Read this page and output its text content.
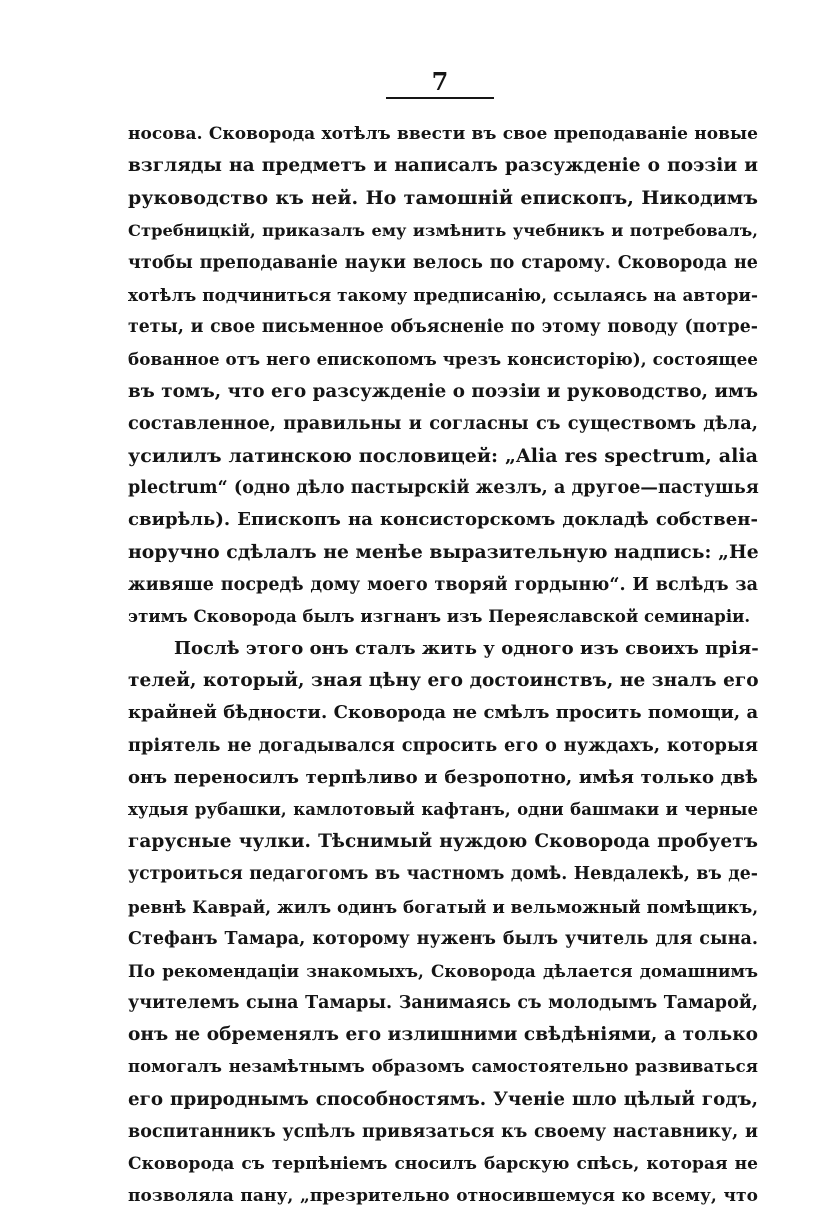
7
носова. Сковорода хотѣлъ ввести въ свое преподаванiе новые
взгляды на предметъ и написалъ разсужденiе о поэзiи и
руководство къ ней. Но тамошнiй епископъ, Никодимъ
Стребницкiй, приказалъ ему измѣнить учебникъ и потребовалъ,
чтобы преподаванiе науки велось по старому. Сковорода не
хотѣлъ подчиниться такому предписанiю, ссылаясь на автори-
теты, и свое письменное объясненiе по этому поводу (потре-
бованное отъ него епископомъ чрезъ консисторiю), состоящее
въ томъ, что его разсужденiе о поэзiи и руководство, имъ
составленное, правильны и согласны съ существомъ дѣла,
усилилъ латинскою пословицей: „Alia res spectrum, alia
plectrum“ (одно дѣло пастырскiй жезлъ, а другое—пастушья
свирѣль). Епископъ на консисторскомъ докладѣ собствен-
норучно сдѣлалъ не менѣе выразительную надпись: „Не
живяше посредѣ дому моего творяй гордыню“. И вслѣдъ за
этимъ Сковорода былъ изгнанъ изъ Переяславской семинарiи.
Послѣ этого онъ сталъ жить у одного изъ своихъ прiя-
телей, который, зная цѣну его достоинствъ, не зналъ его
крайней бѣдности. Сковорода не смѣлъ просить помощи, а
прiятель не догадывался спросить его о нуждахъ, которыя
онъ переносилъ терпѣливо и безропотно, имѣя только двѣ
худыя рубашки, камлотовый кафтанъ, одни башмаки и черные
гарусные чулки. Тѣснимый нуждою Сковорода пробуетъ
устроиться педагогомъ въ частномъ домѣ. Невдалекѣ, въ де-
ревнѣ Каврай, жилъ одинъ богатый и вельможный помѣщикъ,
Стефанъ Тамара, которому нуженъ былъ учитель для сына.
По рекомендацiи знакомыхъ, Сковорода дѣлается домашнимъ
учителемъ сына Тамары. Занимаясь съ молодымъ Тамарой,
онъ не обременялъ его излишними свѣдѣнiями, а только
помогалъ незамѣтнымъ образомъ самостоятельно развиваться
его природнымъ способностямъ. Ученiе шло цѣлый годъ,
воспитанникъ успѣлъ привязаться къ своему наставнику, и
Сковорода съ терпѣнiемъ сносилъ барскую спѣсь, которая не
позволяла пану, „презрительно относившемуся ко всему, что
